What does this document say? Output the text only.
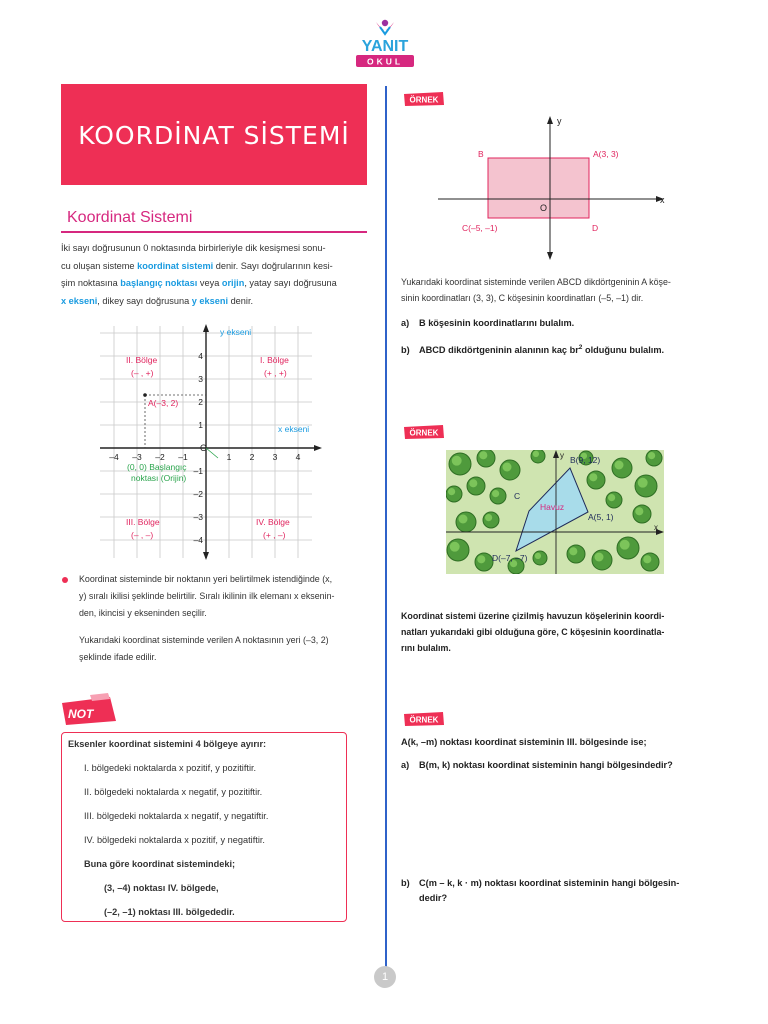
YANIT
OKUL
KOORDİNAT SİSTEMİ
Koordinat Sistemi
İki sayı doğrusunun 0 noktasında birbirleriyle dik kesişmesi sonu-
cu oluşan sisteme koordinat sistemi denir. Sayı doğrularının kesi-
şim noktasına başlangıç noktası veya orijin, yatay sayı doğrusuna
x ekseni, dikey sayı doğrusuna y ekseni denir.
y ekseni
x ekseni
O
–4 –3 –2 –1	1 2 3 4
4
3
2
1
–1
–2
–3
–4
II. Bölge
(– , +)
I. Bölge
(+ , +)
III. Bölge
(– , –)
IV. Bölge
(+ , –)
A(–3, 2)
(0, 0) Başlangıç
noktası (Orijin)
Koordinat sisteminde bir noktanın yeri belirtilmek istendiğinde (x,
y) sıralı ikilisi şeklinde belirtilir. Sıralı ikilinin ilk elemanı x ekse​nin-
den, ikincisi y ekseninden seçilir.
Yukarıdaki koordinat sisteminde verilen A noktasının yeri (–3, 2)
şeklinde ifade edilir.
NOT
Eksenler koordinat sistemini 4 bölgeye ayırır:
I. bölgedeki noktalarda x pozitif, y pozitiftir.
II. bölgedeki noktalarda x negatif, y pozitiftir.
III. bölgedeki noktalarda x negatif, y negatiftir.
IV. bölgedeki noktalarda x pozitif, y negatiftir.
Buna göre koordinat sistemindeki;
(3, –4) noktası IV. bölgede,
(–2, –1) noktası III. bölgededir.
ÖRNEK
ÖRNEK
ÖRNEK
y
x
O
B	A(3, 3)
C(–5, –1)	D
Yukarıdaki koordinat sisteminde verilen ABCD dikdörtgeninin A köşe-
sinin koordinatları (3, 3), C köşesinin koordinatları (–5, –1) dir.
a) B köşesinin koordinatlarını bulalım.
b) ABCD dikdörtgeninin alanının kaç $br^2$ olduğunu bulalım.
y
x
B(9, 12)
C
Havuz
A(5, 1)
D(–7, –7)
Koordinat sistemi üzerine çizilmiş havuzun köşelerinin koordi-
natları yukarıdaki gibi olduğuna göre, C köşesinin koordinatla-
rını bulalım.
A(k, –m) noktası koordinat sisteminin III. bölgesinde ise;
a) B(m, k) noktası koordinat sisteminin hangi bölgesindedir?
b) C(m – k, k · m) noktası koordinat sisteminin hangi bölgesin-
dedir?
1
